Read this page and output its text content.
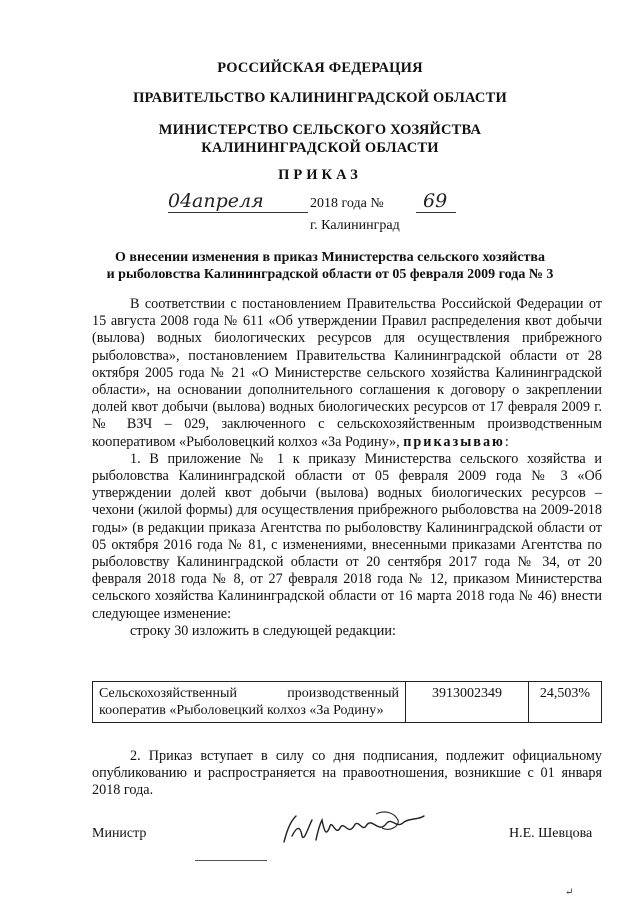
РОССИЙСКАЯ ФЕДЕРАЦИЯ
ПРАВИТЕЛЬСТВО КАЛИНИНГРАДСКОЙ ОБЛАСТИ
МИНИСТЕРСТВО СЕЛЬСКОГО ХОЗЯЙСТВА
КАЛИНИНГРАДСКОЙ ОБЛАСТИ
ПРИКАЗ
04 апреля	2018 года № 69
г. Калининград
О внесении изменения в приказ Министерства сельского хозяйства
и рыболовства Калининградской области от 05 февраля 2009 года № 3

В соответствии с постановлением Правительства Российской Федерации от 15 августа 2008 года № 611 «Об утверждении Правил распределения квот добычи (вылова) водных биологических ресурсов для осуществления прибрежного рыболовства», постановлением Правительства Калининградской области от 28 октября 2005 года № 21 «О Министерстве сельского хозяйства Калининградской области», на основании дополнительного соглашения к договору о закреплении долей квот добычи (вылова) водных биологических ресурсов от 17 февраля 2009 г. № ВЗЧ – 029, заключенного с сельскохозяйственным производственным кооперативом «Рыболовецкий колхоз «За Родину», приказываю:

1. В приложение № 1 к приказу Министерства сельского хозяйства и рыболовства Калининградской области от 05 февраля 2009 года № 3 «Об утверждении долей квот добычи (вылова) водных биологических ресурсов – чехони (жилой формы) для осуществления прибрежного рыболовства на 2009-2018 годы» (в редакции приказа Агентства по рыболовству Калининградской области от 05 октября 2016 года № 81, с изменениями, внесенными приказами Агентства по рыболовству Калининградской области от 20 сентября 2017 года № 34, от 20 февраля 2018 года № 8, от 27 февраля 2018 года № 12, приказом Министерства сельского хозяйства Калининградской области от 16 марта 2018 года № 46) внести следующее изменение:

строку 30 изложить в следующей редакции:

Сельскохозяйственный производственный кооператив «Рыболовецкий колхоз «За Родину»	3913002349	24,503%

2. Приказ вступает в силу со дня подписания, подлежит официальному опубликованию и распространяется на правоотношения, возникшие с 01 января 2018 года.

Министр	Н.Е. Шевцова
↵
